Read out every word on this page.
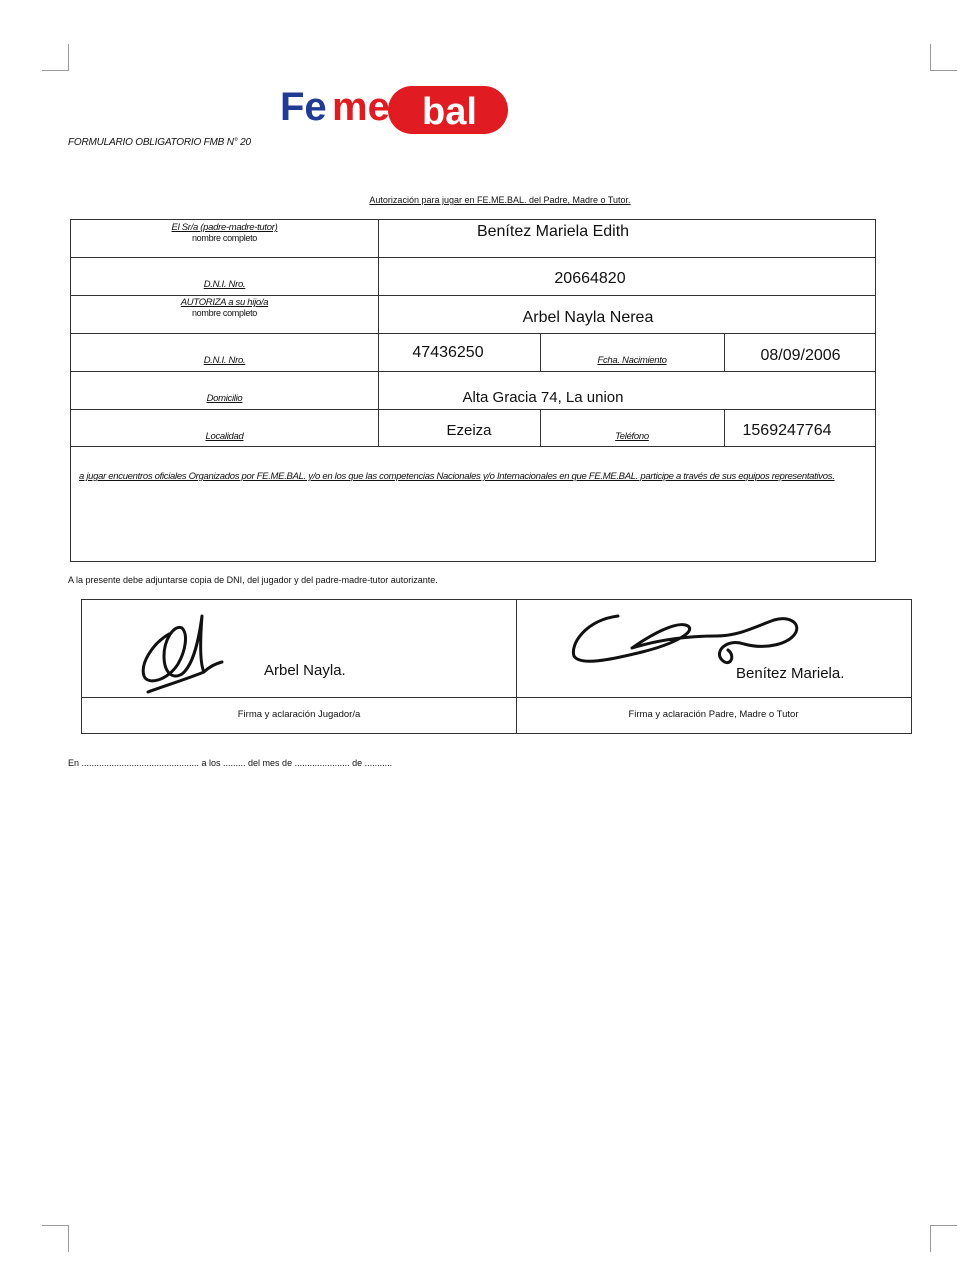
Fe me bal
FORMULARIO OBLIGATORIO FMB N° 20
Autorización para jugar en FE.ME.BAL. del Padre, Madre o Tutor.
El Sr/a (padre-madre-tutor)
nombre completo	Benítez Mariela Edith
D.N.I. Nro.	20664820
AUTORIZA a su hijo/a
nombre completo	Arbel Nayla Nerea
D.N.I. Nro.	47436250	Fcha. Nacimiento	08/09/2006
Domicilio	Alta Gracia 74, La union
Localidad	Ezeiza	Teléfono	1569247764
a jugar encuentros oficiales Organizados por FE.ME.BAL. y/o en los que las competencias Nacionales y/o Internacionales en que FE.ME.BAL. participe a través de sus equipos representativos.
A la presente debe adjuntarse copia de DNI, del jugador y del padre-madre-tutor autorizante.
Arbel Nayla.	Benítez Mariela.
Firma y aclaración Jugador/a	Firma y aclaración Padre, Madre o Tutor
En ............................................... a los ......... del mes de ...................... de ...........
